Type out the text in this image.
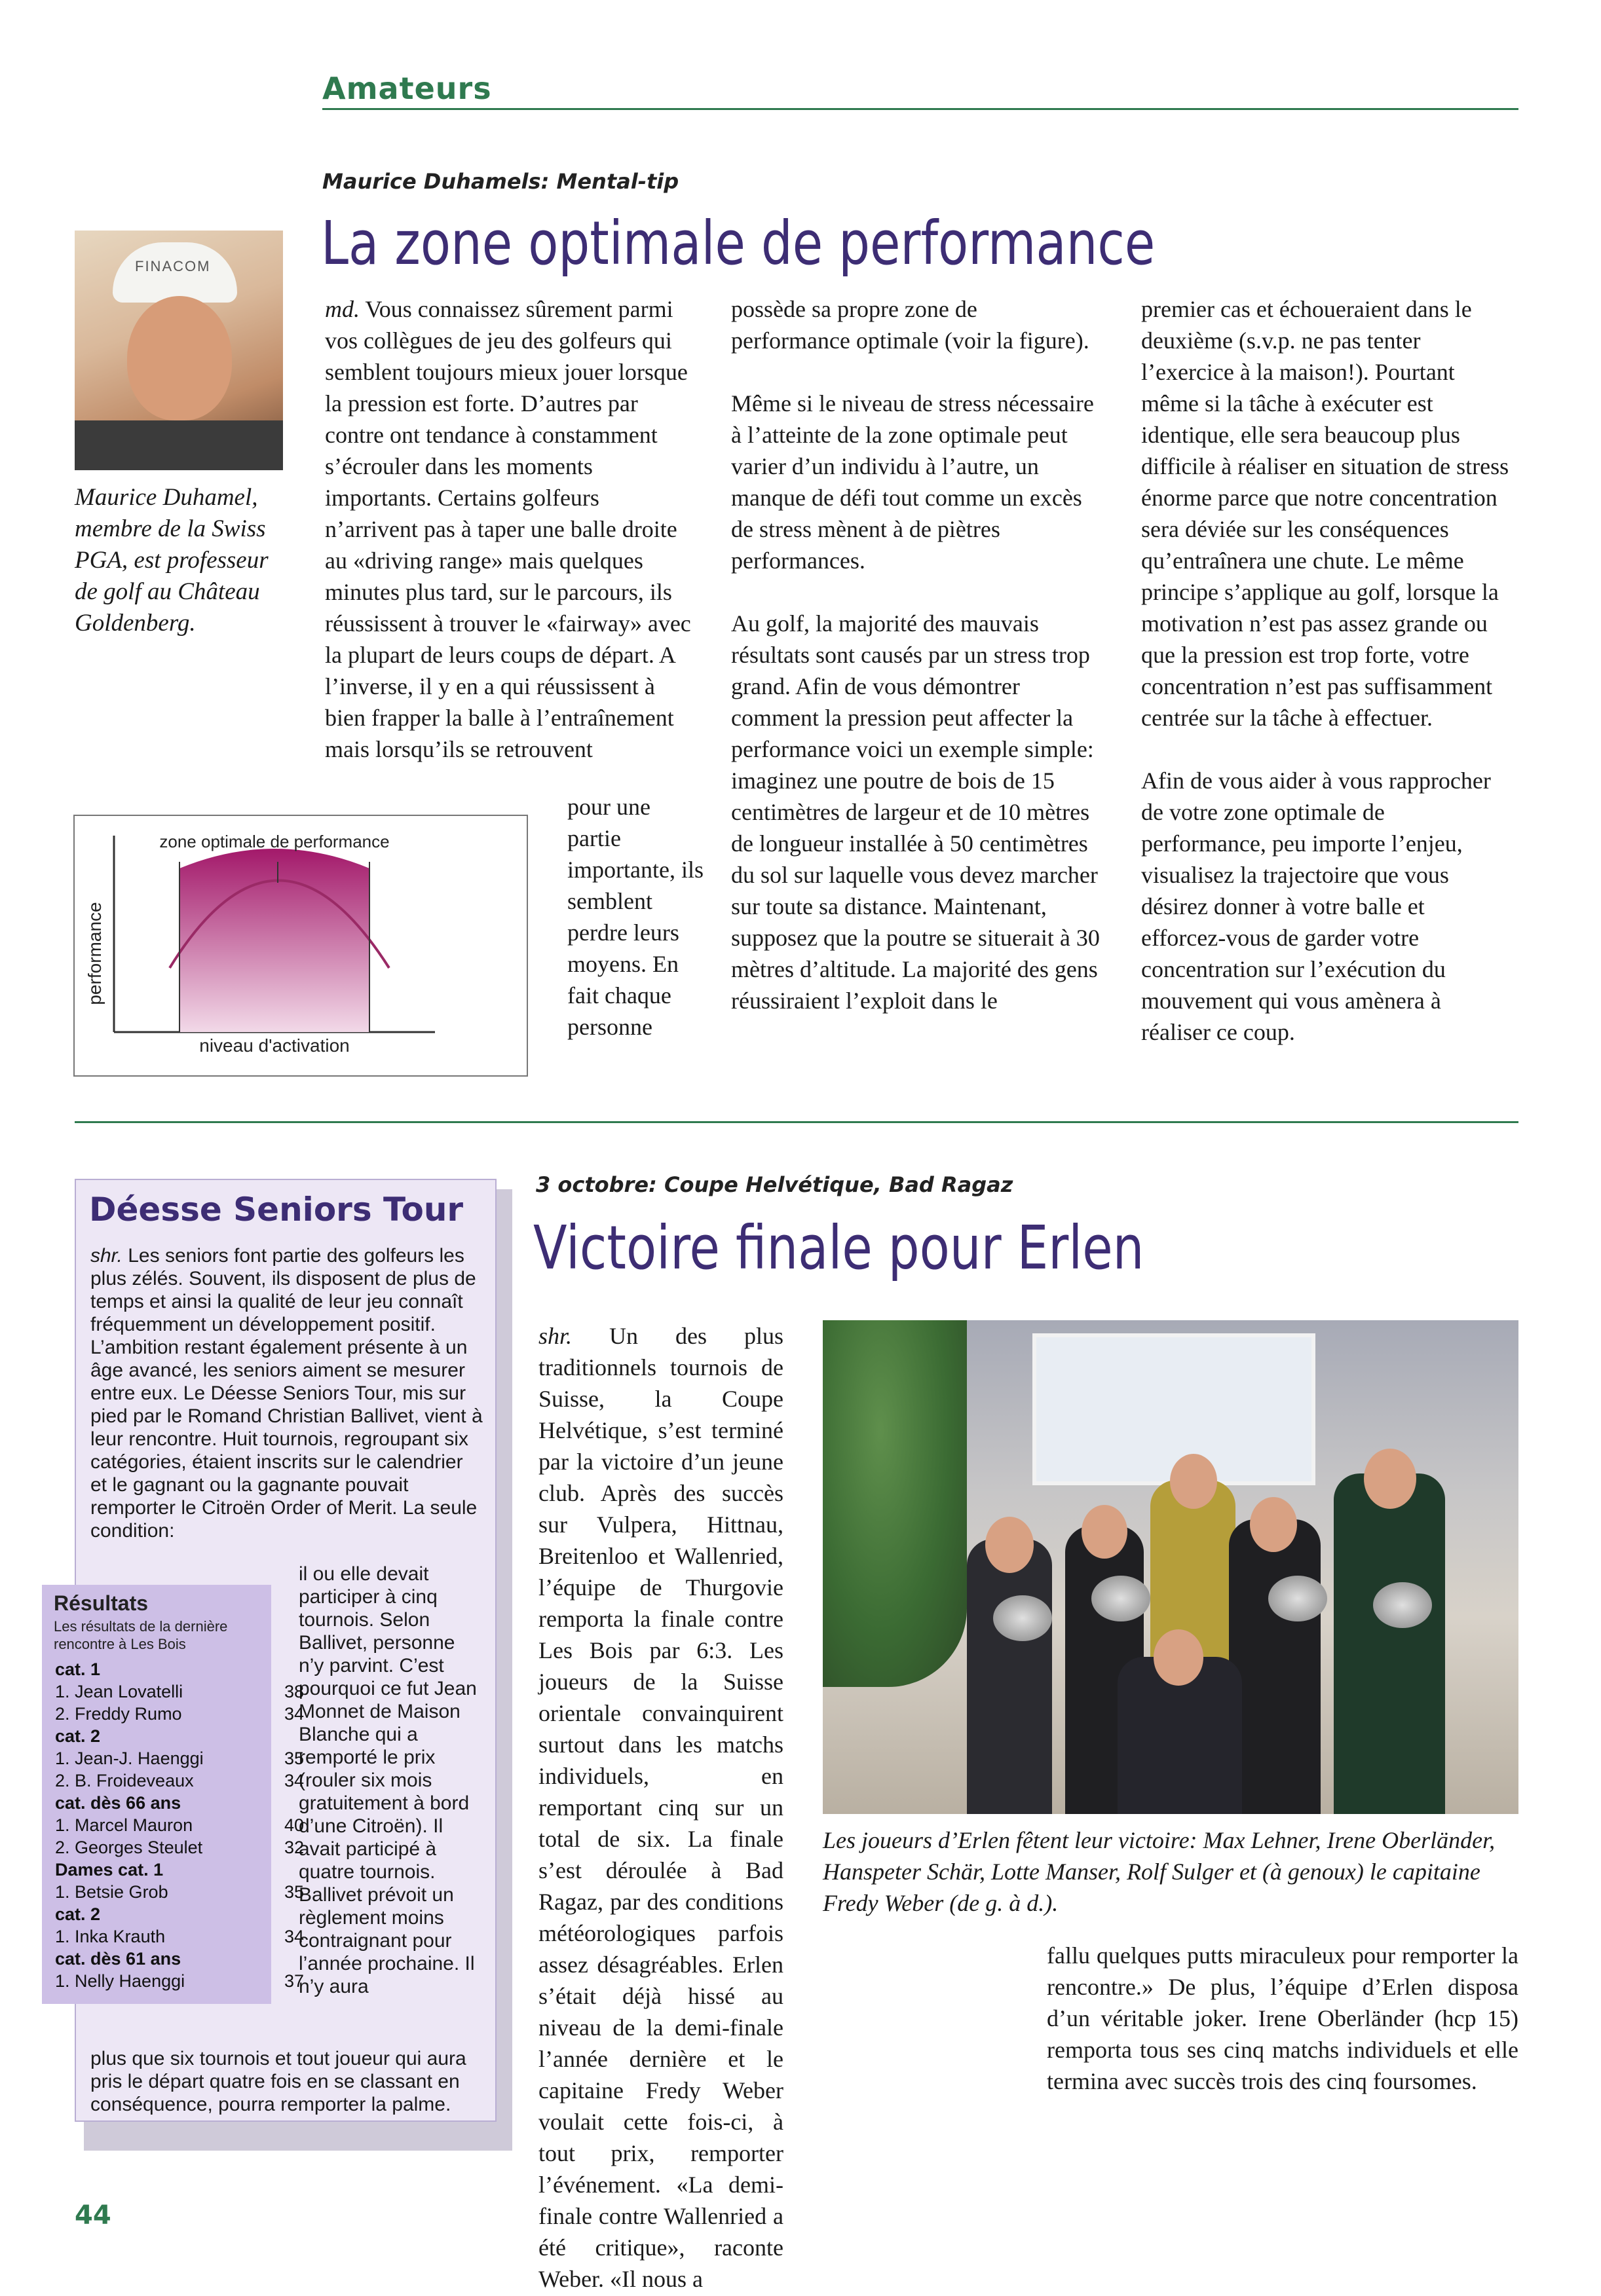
Amateurs
Maurice Duhamels: Mental-tip
La zone optimale de performance
FINACOM
Maurice Duhamel, membre de la Swiss PGA, est professeur de golf au Château Goldenberg.

md. Vous connaissez sûrement parmi vos collègues de jeu des golfeurs qui semblent toujours mieux jouer lorsque la pression est forte. D’autres par contre ont tendance à constamment s’écrouler dans les moments importants. Certains golfeurs n’arrivent pas à taper une balle droite au «driving range» mais quelques minutes plus tard, sur le parcours, ils réussissent à trouver le «fairway» avec la plupart de leurs coups de départ. A l’inverse, il y en a qui réussissent à bien frapper la balle à l’entraînement mais lorsqu’ils se retrouvent

pour une partie importante, ils semblent perdre leurs moyens. En fait chaque personne

possède sa propre zone de performance optimale (voir la figure).

Même si le niveau de stress nécessaire à l’atteinte de la zone optimale peut varier d’un individu à l’autre, un manque de défi tout comme un excès de stress mènent à de piètres performances.

Au golf, la majorité des mauvais résultats sont causés par un stress trop grand. Afin de vous démontrer comment la pression peut affecter la performance voici un exemple simple: imaginez une poutre de bois de 15 centimètres de largeur et de 10 mètres de longueur installée à 50 centimètres du sol sur laquelle vous devez marcher sur toute sa distance. Maintenant, supposez que la poutre se situerait à 30 mètres d’altitude. La majorité des gens réussiraient l’exploit dans le

premier cas et échoueraient dans le deuxième (s.v.p. ne pas tenter l’exercice à la maison!). Pourtant même si la tâche à exécuter est identique, elle sera beaucoup plus difficile à réaliser en situation de stress énorme parce que notre concentration sera déviée sur les conséquences qu’entraînera une chute. Le même principe s’applique au golf, lorsque la motivation n’est pas assez grande ou que la pression est trop forte, votre concentration n’est pas suffisamment centrée sur la tâche à effectuer.

Afin de vous aider à vous rapprocher de votre zone optimale de performance, peu importe l’enjeu, visualisez la trajectoire que vous désirez donner à votre balle et efforcez-vous de garder votre concentration sur l’exécution du mouvement qui vous amènera à réaliser ce coup.

zone optimale de performance
niveau d'activation
performance
Déesse Seniors Tour

shr. Les seniors font partie des golfeurs les plus zélés. Souvent, ils disposent de plus de temps et ainsi la qualité de leur jeu connaît fréquemment un développement positif. L’ambition restant également présente à un âge avancé, les seniors aiment se mesurer entre eux. Le Déesse Seniors Tour, mis sur pied par le Romand Christian Ballivet, vient à leur rencontre. Huit tournois, regroupant six catégories, étaient inscrits sur le calendrier et le gagnant ou la gagnante pouvait remporter le Citroën Order of Merit. La seule condition:

il ou elle devait participer à cinq tournois. Selon Ballivet, personne n’y parvint. C’est pourquoi ce fut Jean Monnet de Maison Blanche qui a remporté le prix (rouler six mois gratuitement à bord d’une Citroën). Il avait participé à quatre tournois. Ballivet prévoit un règlement moins contraignant pour l’année prochaine. Il n’y aura

plus que six tournois et tout joueur qui aura pris le départ quatre fois en se classant en conséquence, pourra remporter la palme.

Résultats
Les résultats de la dernière rencontre à Les Bois
cat. 1
1. Jean Lovatelli	38
2. Freddy Rumo	34
cat. 2
1. Jean-J. Haenggi	35
2. B. Froideveaux	34
cat. dès 66 ans
1. Marcel Mauron	40
2. Georges Steulet	32
Dames cat. 1
1. Betsie Grob	35
cat. 2
1. Inka Krauth	34
cat. dès 61 ans
1. Nelly Haenggi	37
3 octobre: Coupe Helvétique, Bad Ragaz
Victoire finale pour Erlen

shr. Un des plus traditionnels tournois de Suisse, la Coupe Helvétique, s’est terminé par la victoire d’un jeune club. Après des succès sur Vulpera, Hittnau, Breitenloo et Wallenried, l’équipe de Thurgovie remporta la finale contre Les Bois par 6:3. Les joueurs de la Suisse orientale convainquirent surtout dans les matchs individuels, en remportant cinq sur un total de six. La finale s’est déroulée à Bad Ragaz, par des conditions météorologiques parfois assez désagréables. Erlen s’était déjà hissé au niveau de la demi-finale l’année dernière et le capitaine Fredy Weber voulait cette fois-ci, à tout prix, remporter l’événement. «La demi-finale contre Wallenried a été critique», raconte Weber. «Il nous a

Les joueurs d’Erlen fêtent leur victoire: Max Lehner, Irene Oberländer, Hanspeter Schär, Lotte Manser, Rolf Sulger et (à genoux) le capitaine Fredy Weber (de g. à d.).

fallu quelques putts miraculeux pour remporter la rencontre.» De plus, l’équipe d’Erlen disposa d’un véritable joker. Irene Oberländer (hcp 15) remporta tous ses cinq matchs individuels et elle termina avec succès trois des cinq foursomes.

44
